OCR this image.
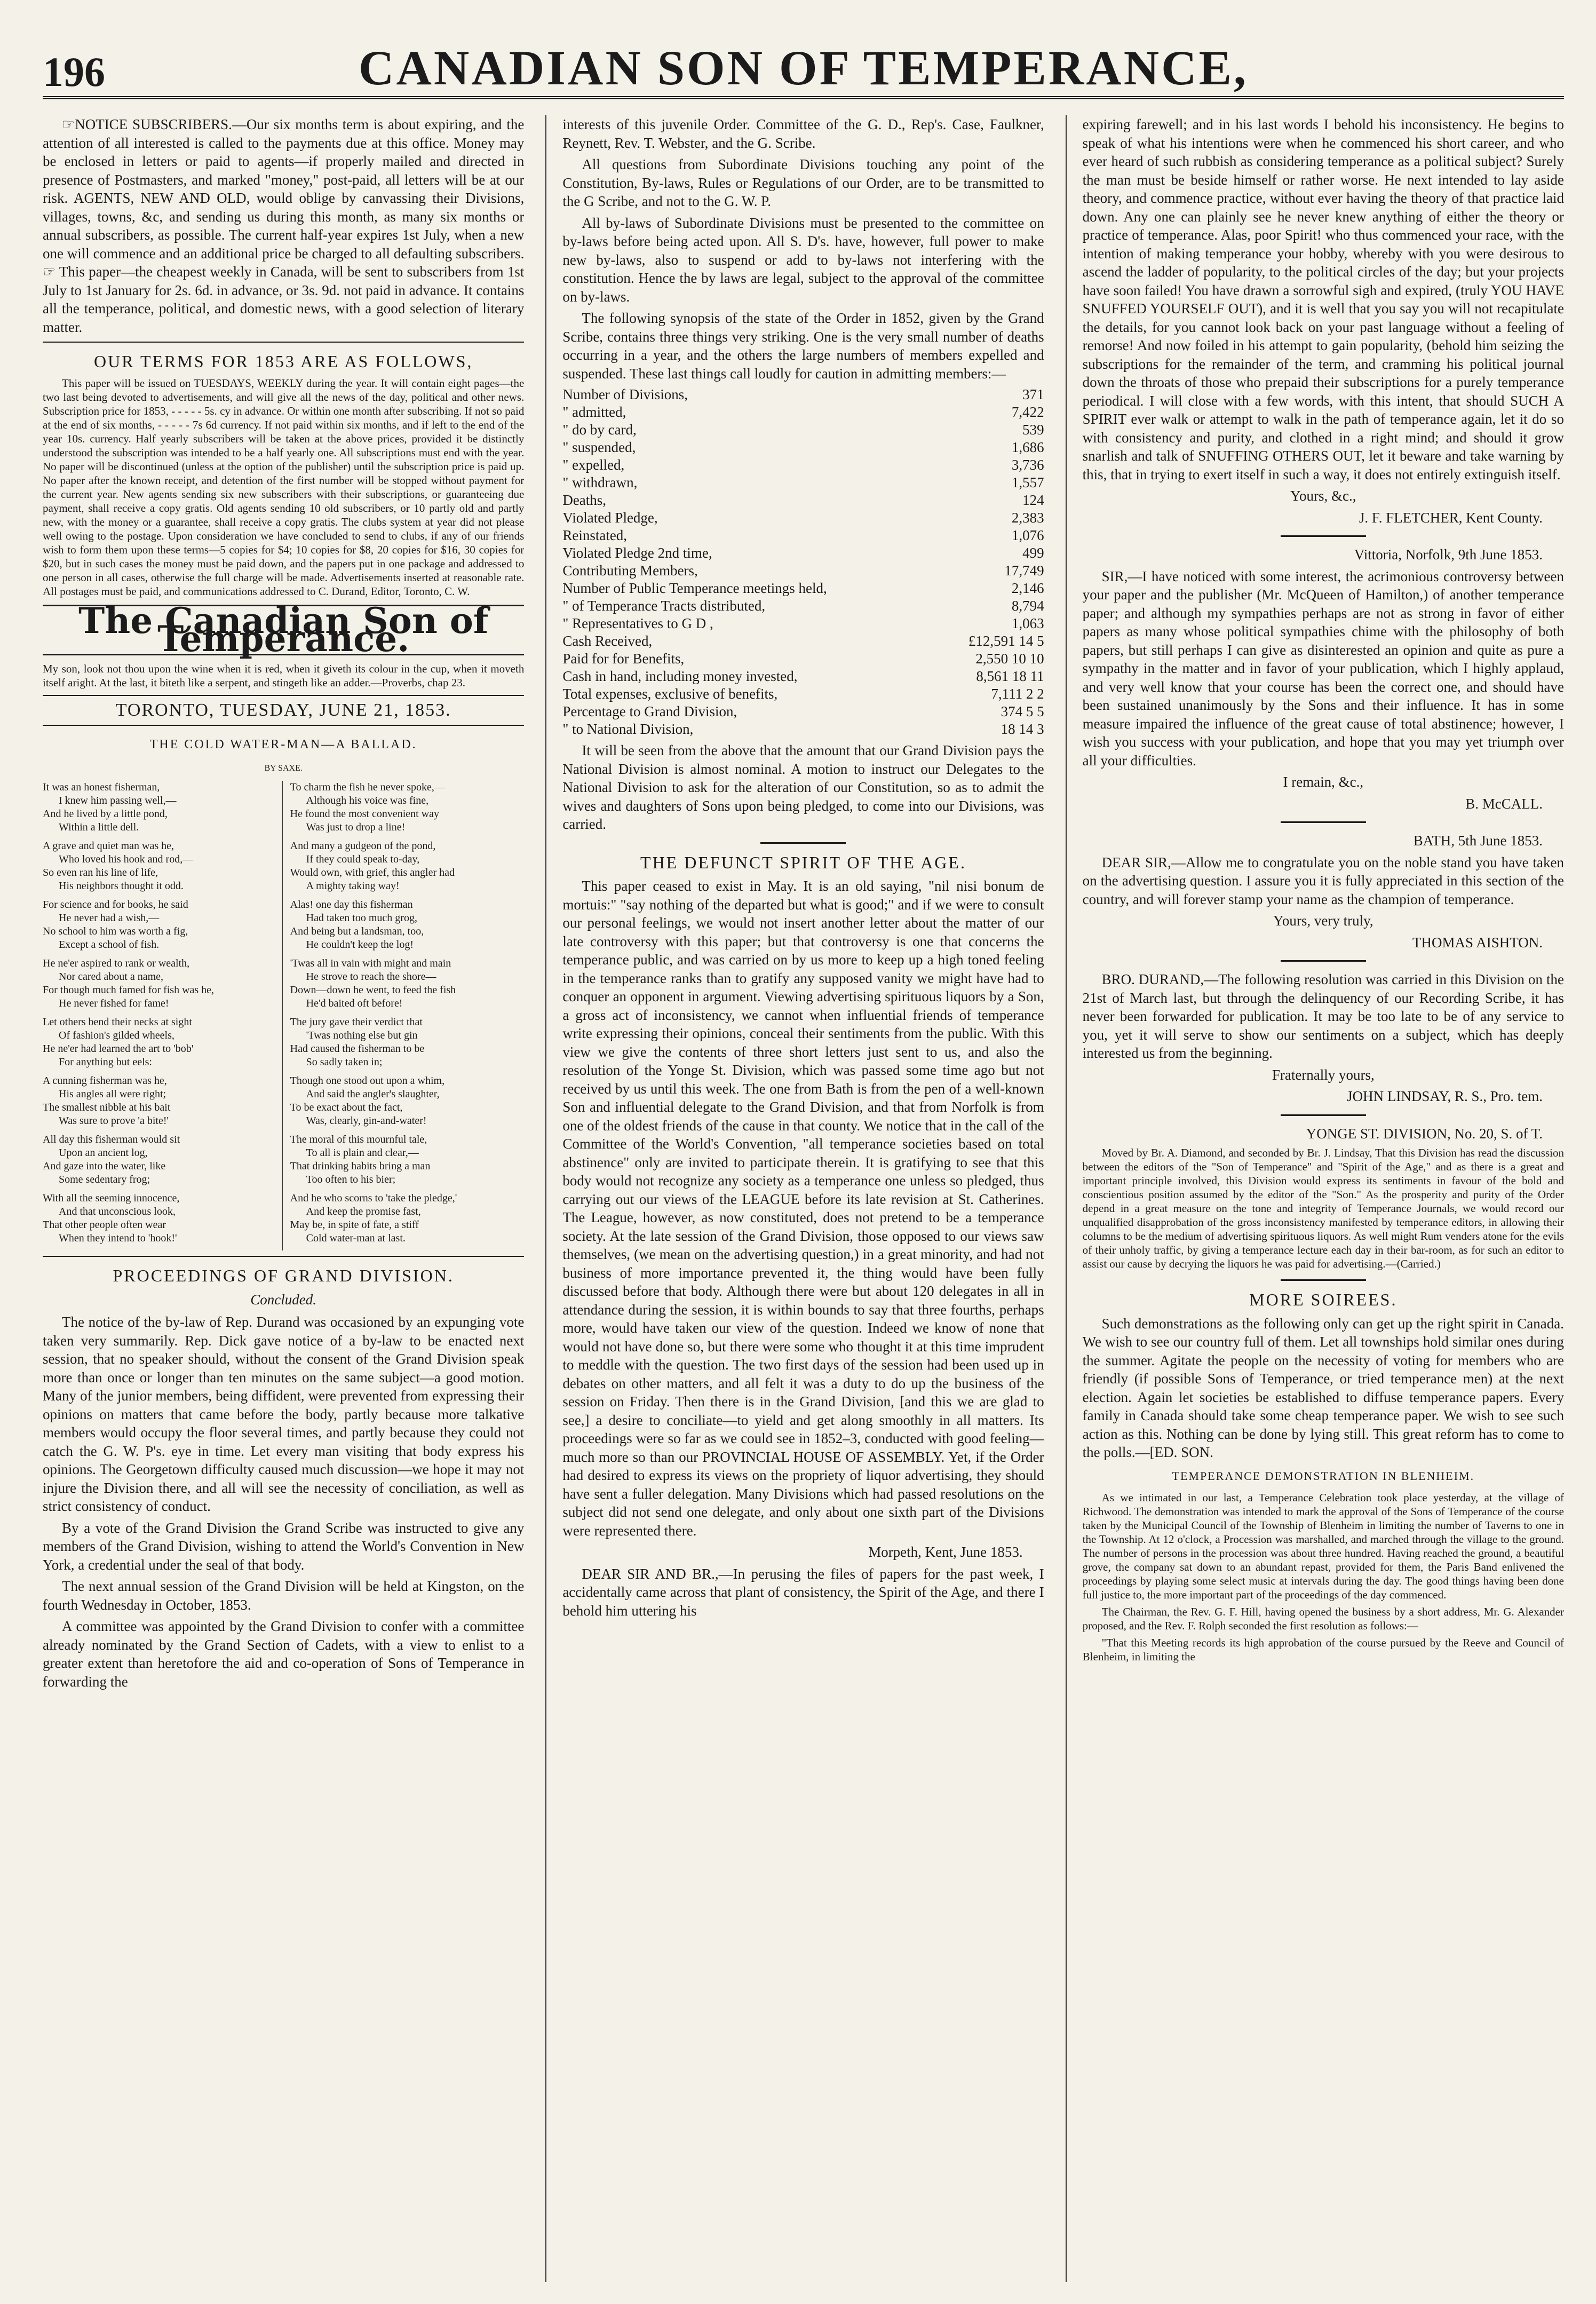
196	CANADIAN SON OF TEMPERANCE,

☞NOTICE SUBSCRIBERS.—Our six months term is about expiring, and the attention of all interested is called to the payments due at this office. Money may be enclosed in letters or paid to agents—if properly mailed and directed in presence of Postmasters, and marked "money," post-paid, all letters will be at our risk. AGENTS, NEW AND OLD, would oblige by canvassing their Divisions, villages, towns, &c, and sending us during this month, as many six months or annual subscribers, as possible. The current half-year expires 1st July, when a new one will commence and an additional price be charged to all defaulting subscribers. ☞ This paper—the cheapest weekly in Canada, will be sent to subscribers from 1st July to 1st January for 2s. 6d. in advance, or 3s. 9d. not paid in advance. It contains all the temperance, political, and domestic news, with a good selection of literary matter.

OUR TERMS FOR 1853 ARE AS FOLLOWS,

This paper will be issued on TUESDAYS, WEEKLY during the year. It will contain eight pages—the two last being devoted to advertisements, and will give all the news of the day, political and other news. Subscription price for 1853, - - - - - 5s. cy in advance. Or within one month after subscribing. If not so paid at the end of six months, - - - - - 7s 6d currency. If not paid within six months, and if left to the end of the year 10s. currency. Half yearly subscribers will be taken at the above prices, provided it be distinctly understood the subscription was intended to be a half yearly one. All subscriptions must end with the year. No paper will be discontinued (unless at the option of the publisher) until the subscription price is paid up. No paper after the known receipt, and detention of the first number will be stopped without payment for the current year. New agents sending six new subscribers with their subscriptions, or guaranteeing due payment, shall receive a copy gratis. Old agents sending 10 old subscribers, or 10 partly old and partly new, with the money or a guarantee, shall receive a copy gratis. The clubs system at year did not please well owing to the postage. Upon consideration we have concluded to send to clubs, if any of our friends wish to form them upon these terms—5 copies for $4; 10 copies for $8, 20 copies for $16, 30 copies for $20, but in such cases the money must be paid down, and the papers put in one package and addressed to one person in all cases, otherwise the full charge will be made. Advertisements inserted at reasonable rate. All postages must be paid, and communications addressed to C. Durand, Editor, Toronto, C. W.

The Canadian Son of Temperance.

My son, look not thou upon the wine when it is red, when it giveth its colour in the cup, when it moveth itself aright. At the last, it biteth like a serpent, and stingeth like an adder.—Proverbs, chap 23.

TORONTO, TUESDAY, JUNE 21, 1853.
THE COLD WATER-MAN—A BALLAD.
BY SAXE.
It was an honest fisherman,
I knew him passing well,—
And he lived by a little pond,
Within a little dell.
A grave and quiet man was he,
Who loved his hook and rod,—
So even ran his line of life,
His neighbors thought it odd.
For science and for books, he said
He never had a wish,—
No school to him was worth a fig,
Except a school of fish.
He ne'er aspired to rank or wealth,
Nor cared about a name,
For though much famed for fish was he,
He never fished for fame!
Let others bend their necks at sight
Of fashion's gilded wheels,
He ne'er had learned the art to 'bob'
For anything but eels:
A cunning fisherman was he,
His angles all were right;
The smallest nibble at his bait
Was sure to prove 'a bite!'
All day this fisherman would sit
Upon an ancient log,
And gaze into the water, like
Some sedentary frog;
With all the seeming innocence,
And that unconscious look,
That other people often wear
When they intend to 'hook!'
To charm the fish he never spoke,—
Although his voice was fine,
He found the most convenient way
Was just to drop a line!
And many a gudgeon of the pond,
If they could speak to-day,
Would own, with grief, this angler had
A mighty taking way!
Alas! one day this fisherman
Had taken too much grog,
And being but a landsman, too,
He couldn't keep the log!
'Twas all in vain with might and main
He strove to reach the shore—
Down—down he went, to feed the fish
He'd baited oft before!
The jury gave their verdict that
'Twas nothing else but gin
Had caused the fisherman to be
So sadly taken in;
Though one stood out upon a whim,
And said the angler's slaughter,
To be exact about the fact,
Was, clearly, gin-and-water!
The moral of this mournful tale,
To all is plain and clear,—
That drinking habits bring a man
Too often to his bier;
And he who scorns to 'take the pledge,'
And keep the promise fast,
May be, in spite of fate, a stiff
Cold water-man at last.
PROCEEDINGS OF GRAND DIVISION.
Concluded.

The notice of the by-law of Rep. Durand was occasioned by an expunging vote taken very summarily. Rep. Dick gave notice of a by-law to be enacted next session, that no speaker should, without the consent of the Grand Division speak more than once or longer than ten minutes on the same subject—a good motion. Many of the junior members, being diffident, were prevented from expressing their opinions on matters that came before the body, partly because more talkative members would occupy the floor several times, and partly because they could not catch the G. W. P's. eye in time. Let every man visiting that body express his opinions. The Georgetown difficulty caused much discussion—we hope it may not injure the Division there, and all will see the necessity of conciliation, as well as strict consistency of conduct.

By a vote of the Grand Division the Grand Scribe was instructed to give any members of the Grand Division, wishing to attend the World's Convention in New York, a credential under the seal of that body.

The next annual session of the Grand Division will be held at Kingston, on the fourth Wednesday in October, 1853.

A committee was appointed by the Grand Division to confer with a committee already nominated by the Grand Section of Cadets, with a view to enlist to a greater extent than heretofore the aid and co-operation of Sons of Temperance in forwarding the

interests of this juvenile Order. Committee of the G. D., Rep's. Case, Faulkner, Reynett, Rev. T. Webster, and the G. Scribe.

All questions from Subordinate Divisions touching any point of the Constitution, By-laws, Rules or Regulations of our Order, are to be transmitted to the G Scribe, and not to the G. W. P.

All by-laws of Subordinate Divisions must be presented to the committee on by-laws before being acted upon. All S. D's. have, however, full power to make new by-laws, also to suspend or add to by-laws not interfering with the constitution. Hence the by laws are legal, subject to the approval of the committee on by-laws.

The following synopsis of the state of the Order in 1852, given by the Grand Scribe, contains three things very striking. One is the very small number of deaths occurring in a year, and the others the large numbers of members expelled and suspended. These last things call loudly for caution in admitting members:—

Number of Divisions,	371
" admitted,	7,422
" do by card,	539
" suspended,	1,686
" expelled,	3,736
" withdrawn,	1,557
Deaths,	124
Violated Pledge,	2,383
Reinstated,	1,076
Violated Pledge 2nd time,	499
Contributing Members,	17,749
Number of Public Temperance meetings held,	2,146
" of Temperance Tracts distributed,	8,794
" Representatives to G D ,	1,063
Cash Received,	£12,591 14 5
Paid for for Benefits,	2,550 10 10
Cash in hand, including money invested,	8,561 18 11
Total expenses, exclusive of benefits,	7,111 2 2
Percentage to Grand Division,	374 5 5
" to National Division,	18 14 3

It will be seen from the above that the amount that our Grand Division pays the National Division is almost nominal. A motion to instruct our Delegates to the National Division to ask for the alteration of our Constitution, so as to admit the wives and daughters of Sons upon being pledged, to come into our Divisions, was carried.

THE DEFUNCT SPIRIT OF THE AGE.

This paper ceased to exist in May. It is an old saying, "nil nisi bonum de mortuis:" "say nothing of the departed but what is good;" and if we were to consult our personal feelings, we would not insert another letter about the matter of our late controversy with this paper; but that controversy is one that concerns the temperance public, and was carried on by us more to keep up a high toned feeling in the temperance ranks than to gratify any supposed vanity we might have had to conquer an opponent in argument. Viewing advertising spirituous liquors by a Son, a gross act of inconsistency, we cannot when influential friends of temperance write expressing their opinions, conceal their sentiments from the public. With this view we give the contents of three short letters just sent to us, and also the resolution of the Yonge St. Division, which was passed some time ago but not received by us until this week. The one from Bath is from the pen of a well-known Son and influential delegate to the Grand Division, and that from Norfolk is from one of the oldest friends of the cause in that county. We notice that in the call of the Committee of the World's Convention, "all temperance societies based on total abstinence" only are invited to participate therein. It is gratifying to see that this body would not recognize any society as a temperance one unless so pledged, thus carrying out our views of the LEAGUE before its late revision at St. Catherines. The League, however, as now constituted, does not pretend to be a temperance society. At the late session of the Grand Division, those opposed to our views saw themselves, (we mean on the advertising question,) in a great minority, and had not business of more importance prevented it, the thing would have been fully discussed before that body. Although there were but about 120 delegates in all in attendance during the session, it is within bounds to say that three fourths, perhaps more, would have taken our view of the question. Indeed we know of none that would not have done so, but there were some who thought it at this time imprudent to meddle with the question. The two first days of the session had been used up in debates on other matters, and all felt it was a duty to do up the business of the session on Friday. Then there is in the Grand Division, [and this we are glad to see,] a desire to conciliate—to yield and get along smoothly in all matters. Its proceedings were so far as we could see in 1852–3, conducted with good feeling—much more so than our PROVINCIAL HOUSE OF ASSEMBLY. Yet, if the Order had desired to express its views on the propriety of liquor advertising, they should have sent a fuller delegation. Many Divisions which had passed resolutions on the subject did not send one delegate, and only about one sixth part of the Divisions were represented there.

Morpeth, Kent, June 1853.

DEAR SIR AND BR.,—In perusing the files of papers for the past week, I accidentally came across that plant of consistency, the Spirit of the Age, and there I behold him uttering his

expiring farewell; and in his last words I behold his inconsistency. He begins to speak of what his intentions were when he commenced his short career, and who ever heard of such rubbish as considering temperance as a political subject? Surely the man must be beside himself or rather worse. He next intended to lay aside theory, and commence practice, without ever having the theory of that practice laid down. Any one can plainly see he never knew anything of either the theory or practice of temperance. Alas, poor Spirit! who thus commenced your race, with the intention of making temperance your hobby, whereby with you were desirous to ascend the ladder of popularity, to the political circles of the day; but your projects have soon failed! You have drawn a sorrowful sigh and expired, (truly YOU HAVE SNUFFED YOURSELF OUT), and it is well that you say you will not recapitulate the details, for you cannot look back on your past language without a feeling of remorse! And now foiled in his attempt to gain popularity, (behold him seizing the subscriptions for the remainder of the term, and cramming his political journal down the throats of those who prepaid their subscriptions for a purely temperance periodical. I will close with a few words, with this intent, that should SUCH A SPIRIT ever walk or attempt to walk in the path of temperance again, let it do so with consistency and purity, and clothed in a right mind; and should it grow snarlish and talk of SNUFFING OTHERS OUT, let it beware and take warning by this, that in trying to exert itself in such a way, it does not entirely extinguish itself.

Yours, &c.,

J. F. FLETCHER, Kent County.

Vittoria, Norfolk, 9th June 1853.

SIR,—I have noticed with some interest, the acrimonious controversy between your paper and the publisher (Mr. McQueen of Hamilton,) of another temperance paper; and although my sympathies perhaps are not as strong in favor of either papers as many whose political sympathies chime with the philosophy of both papers, but still perhaps I can give as disinterested an opinion and quite as pure a sympathy in the matter and in favor of your publication, which I highly applaud, and very well know that your course has been the correct one, and should have been sustained unanimously by the Sons and their influence. It has in some measure impaired the influence of the great cause of total abstinence; however, I wish you success with your publication, and hope that you may yet triumph over all your difficulties.

I remain, &c.,

B. McCALL.

BATH, 5th June 1853.

DEAR SIR,—Allow me to congratulate you on the noble stand you have taken on the advertising question. I assure you it is fully appreciated in this section of the country, and will forever stamp your name as the champion of temperance.

Yours, very truly,

THOMAS AISHTON.

BRO. DURAND,—The following resolution was carried in this Division on the 21st of March last, but through the delinquency of our Recording Scribe, it has never been forwarded for publication. It may be too late to be of any service to you, yet it will serve to show our sentiments on a subject, which has deeply interested us from the beginning.

Fraternally yours,

JOHN LINDSAY, R. S., Pro. tem.

YONGE ST. DIVISION, No. 20, S. of T.

Moved by Br. A. Diamond, and seconded by Br. J. Lindsay, That this Division has read the discussion between the editors of the "Son of Temperance" and "Spirit of the Age," and as there is a great and important principle involved, this Division would express its sentiments in favour of the bold and conscientious position assumed by the editor of the "Son." As the prosperity and purity of the Order depend in a great measure on the tone and integrity of Temperance Journals, we would record our unqualified disapprobation of the gross inconsistency manifested by temperance editors, in allowing their columns to be the medium of advertising spirituous liquors. As well might Rum venders atone for the evils of their unholy traffic, by giving a temperance lecture each day in their bar-room, as for such an editor to assist our cause by decrying the liquors he was paid for advertising.—(Carried.)

MORE SOIREES.

Such demonstrations as the following only can get up the right spirit in Canada. We wish to see our country full of them. Let all townships hold similar ones during the summer. Agitate the people on the necessity of voting for members who are friendly (if possible Sons of Temperance, or tried temperance men) at the next election. Again let societies be established to diffuse temperance papers. Every family in Canada should take some cheap temperance paper. We wish to see such action as this. Nothing can be done by lying still. This great reform has to come to the polls.—[ED. SON.

TEMPERANCE DEMONSTRATION IN BLENHEIM.

As we intimated in our last, a Temperance Celebration took place yesterday, at the village of Richwood. The demonstration was intended to mark the approval of the Sons of Temperance of the course taken by the Municipal Council of the Township of Blenheim in limiting the number of Taverns to one in the Township. At 12 o'clock, a Procession was marshalled, and marched through the village to the ground. The number of persons in the procession was about three hundred. Having reached the ground, a beautiful grove, the company sat down to an abundant repast, provided for them, the Paris Band enlivened the proceedings by playing some select music at intervals during the day. The good things having been done full justice to, the more important part of the proceedings of the day commenced.

The Chairman, the Rev. G. F. Hill, having opened the business by a short address, Mr. G. Alexander proposed, and the Rev. F. Rolph seconded the first resolution as follows:—

"That this Meeting records its high approbation of the course pursued by the Reeve and Council of Blenheim, in limiting the
